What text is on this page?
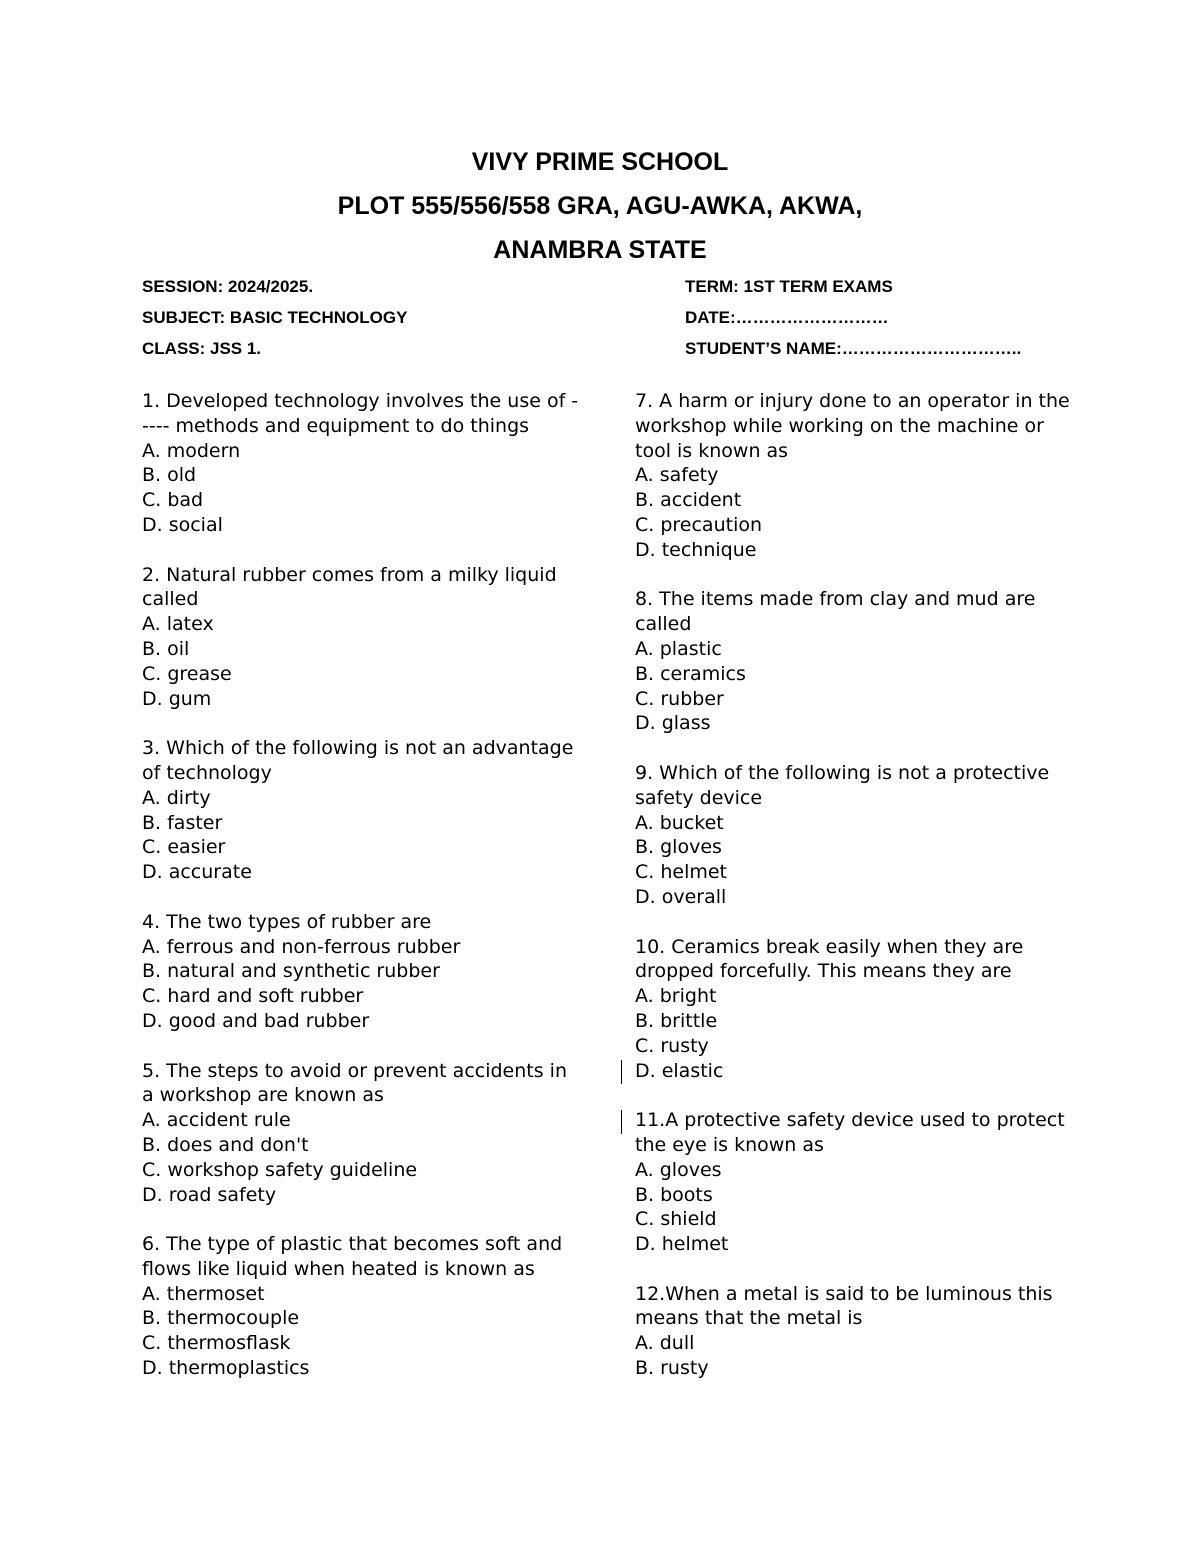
VIVY PRIME SCHOOL
PLOT 555/556/558 GRA, AGU-AWKA, AKWA,
ANAMBRA STATE
SESSION: 2024/2025.	TERM: 1ST TERM EXAMS
SUBJECT: BASIC TECHNOLOGY	DATE:………………………
CLASS: JSS 1.	STUDENT’S NAME:…………………………..
1. Developed technology involves the use of ----- methods and equipment to do things
A. modern
B. old
C. bad
D. social
2. Natural rubber comes from a milky liquid called
A. latex
B. oil
C. grease
D. gum
3. Which of the following is not an advantage of technology
A. dirty
B. faster
C. easier
D. accurate
4. The two types of rubber are
A. ferrous and non-ferrous rubber
B. natural and synthetic rubber
C. hard and soft rubber
D. good and bad rubber
5. The steps to avoid or prevent accidents in a workshop are known as
A. accident rule
B. does and don't
C. workshop safety guideline
D. road safety
6. The type of plastic that becomes soft and flows like liquid when heated is known as
A. thermoset
B. thermocouple
C. thermosflask
D. thermoplastics
7. A harm or injury done to an operator in the workshop while working on the machine or tool is known as
A. safety
B. accident
C. precaution
D. technique
8. The items made from clay and mud are called
A. plastic
B. ceramics
C. rubber
D. glass
9. Which of the following is not a protective safety device
A. bucket
B. gloves
C. helmet
D. overall
10. Ceramics break easily when they are dropped forcefully. This means they are
A. bright
B. brittle
C. rusty
D. elastic
11.A protective safety device used to protect the eye is known as
A. gloves
B. boots
C. shield
D. helmet
12.When a metal is said to be luminous this means that the metal is
A. dull
B. rusty
